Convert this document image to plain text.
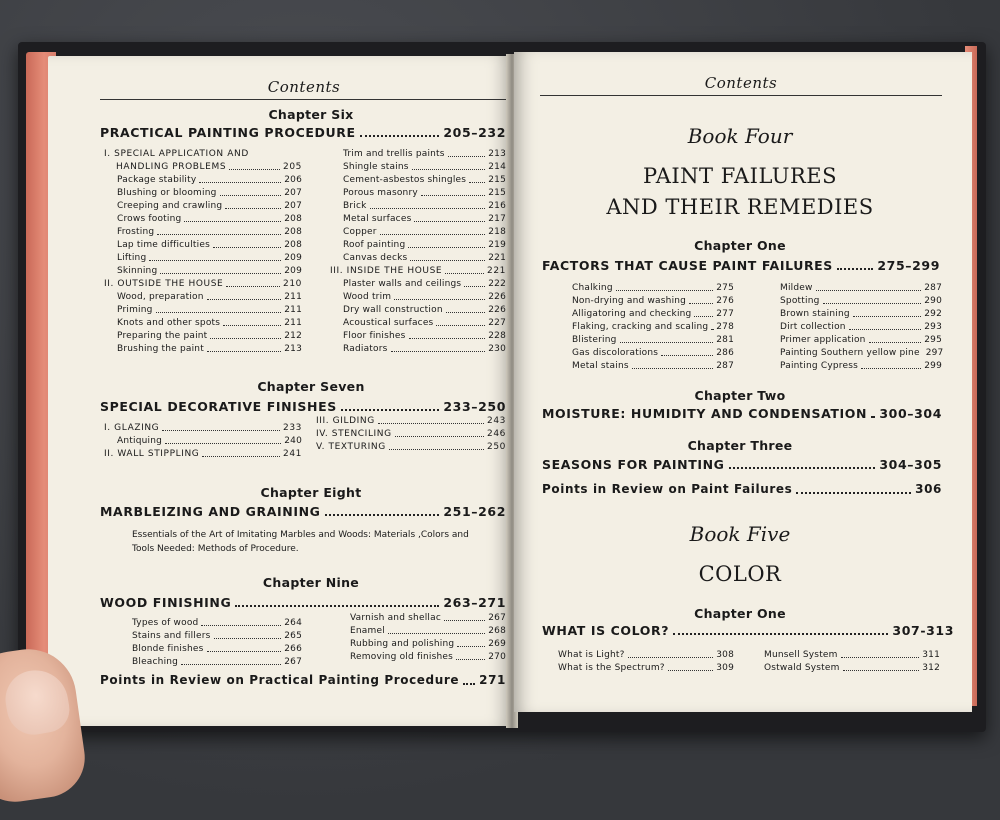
Contents
Chapter Six
PRACTICAL PAINTING PROCEDURE	205–232
I. SPECIAL APPLICATION AND
HANDLING PROBLEMS	205
Package stability	206
Blushing or blooming	207
Creeping and crawling	207
Crows footing	208
Frosting	208
Lap time difficulties	208
Lifting	209
Skinning	209
II. OUTSIDE THE HOUSE	210
Wood, preparation	211
Priming	211
Knots and other spots	211
Preparing the paint	212
Brushing the paint	213
Trim and trellis paints	213
Shingle stains	214
Cement-asbestos shingles 215
Porous masonry	215
Brick	216
Metal surfaces	217
Copper	218
Roof painting	219
Canvas decks	221
III. INSIDE THE HOUSE	221
Plaster walls and ceilings	222
Wood trim	226
Dry wall construction	226
Acoustical surfaces	227
Floor finishes	228
Radiators	230
Chapter Seven
SPECIAL DECORATIVE FINISHES	233–250
I. GLAZING	233
Antiquing	240
II. WALL STIPPLING	241
III. GILDING	243
IV. STENCILING	246
V. TEXTURING	250
Chapter Eight
MARBLEIZING AND GRAINING	251–262
Essentials of the Art of Imitating Marbles and Woods: Materials ,Colors and
Tools Needed: Methods of Procedure.
Chapter Nine
WOOD FINISHING	263–271
Types of wood	264
Stains and fillers	265
Blonde finishes	266
Bleaching	267
Varnish and shellac	267
Enamel	268
Rubbing and polishing	269
Removing old finishes	270
Points in Review on Practical Painting Procedure 271
Contents
Book Four
PAINT FAILURES
AND THEIR REMEDIES
Chapter One
FACTORS THAT CAUSE PAINT FAILURES	275–299
Chalking	275
Non-drying and washing	276
Alligatoring and checking	277
Flaking, cracking and scaling 278
Blistering	281
Gas discolorations	286
Metal stains	287
Mildew	287
Spotting	290
Brown staining	292
Dirt collection	293
Primer application	295
Painting Southern yellow pine 297
Painting Cypress	299
Chapter Two
MOISTURE: HUMIDITY AND CONDENSATION 300–304
Chapter Three
SEASONS FOR PAINTING	304–305
Points in Review on Paint Failures	306
Book Five
COLOR
Chapter One
WHAT IS COLOR?	307-313
What is Light?	308
What is the Spectrum?	309
Munsell System	311
Ostwald System	312
